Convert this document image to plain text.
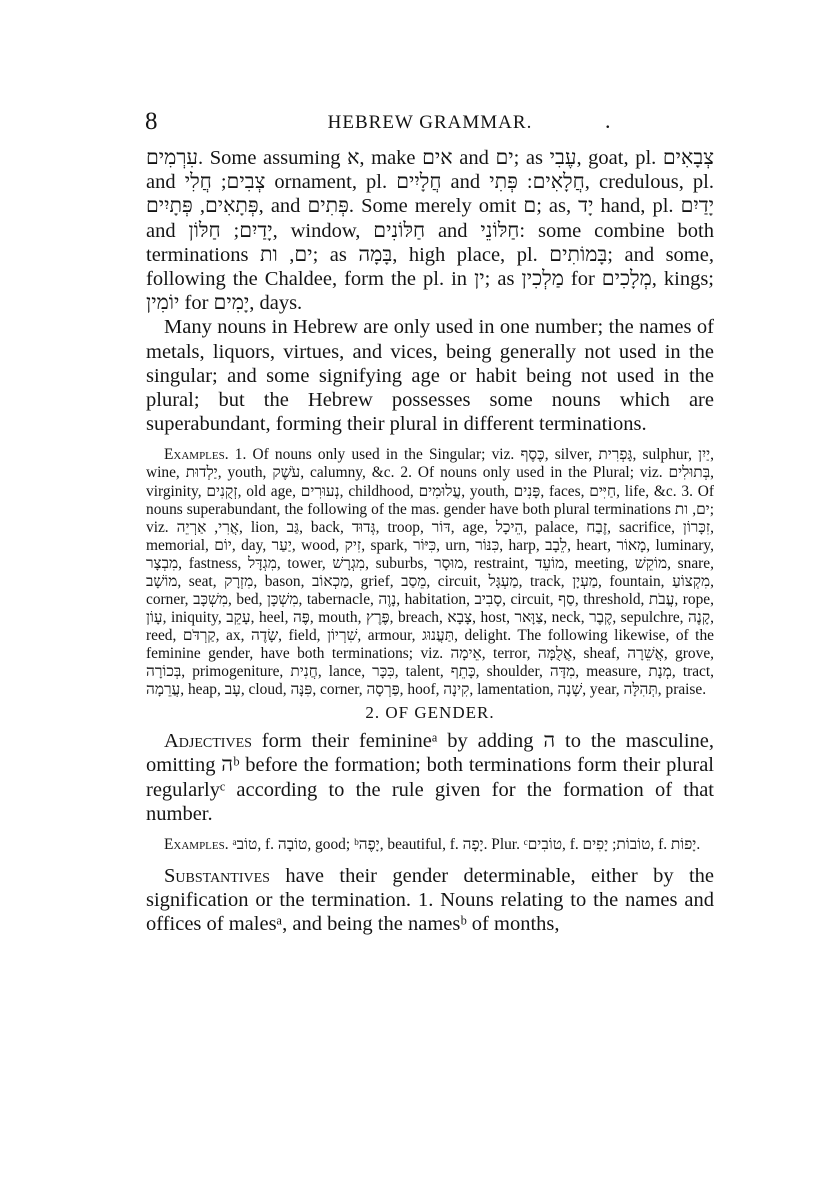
8	HEBREW GRAMMAR.	.

עִרְמִים. Some assuming א, make אים and ים; as עֶבִי, goat, pl. צְבָאִים and צְבִים; חֲלִי ornament, pl. חֲלָיִים and חֲלָאִים: פְּתִי, credulous, pl. פְּתָאִים, פְּתָיִים, and פְּתִים. Some merely omit ם; as, יָד hand, pl. יָדַיִם and יָדַיִם; חַלּוֹן, window, חַלּוֹנִים and חַלּוֹנֵי: some combine both terminations ים, ות; as בָּמָה, high place, pl. בָּמוֹתִים; and some, following the Chaldee, form the pl. in ין; as מַלְכִין for מְלָכִים, kings; יוֹמִין for יָמִים, days.

Many nouns in Hebrew are only used in one number; the names of metals, liquors, virtues, and vices, being generally not used in the singular; and some signifying age or habit being not used in the plural; but the Hebrew possesses some nouns which are superabundant, forming their plural in different terminations.

Examples. 1. Of nouns only used in the Singular; viz. כֶּסֶף, silver, גָּפְרִית, sulphur, יַיִן, wine, יַלְדוּת, youth, עֹשֶׁק, calumny, &c. 2. Of nouns only used in the Plural; viz. בְּתוּלִים, virginity, זְקֻנִים, old age, נְעוּרִים, childhood, עֲלוּמִים, youth, פָּנִים, faces, חַיִּים, life, &c. 3. Of nouns superabundant, the following of the mas. gender have both plural terminations ים, ות; viz. אֲרִי, אַרְיֵה, lion, גַּב, back, גְּדוּד, troop, דּוֹר, age, הֵיכָל, palace, זֶבַח, sacrifice, זִכָּרוֹן, memorial, יוֹם, day, יַעַר, wood, זִיק, spark, כִּיּוֹר, urn, כִּנּוֹר, harp, לֵבָב, heart, מָאוֹר, luminary, מִבְצָר, fastness, מִגְדָּל, tower, מִגְרָשׁ, suburbs, מוּסָר, restraint, מוֹעֵד, meeting, מוֹקֵשׁ, snare, מוֹשָׁב, seat, מִזְרָק, bason, מַכְאוֹב, grief, מֵסַב, circuit, מַעְגָּל, track, מַעְיָן, fountain, מִקְצוֹעַ, corner, מִשְׁכָּב, bed, מִשְׁכָּן, tabernacle, נָוֶה, habitation, סָבִיב, circuit, סַף, threshold, עֲבֹת, rope, עָוֹן, iniquity, עָקֵב, heel, פֶּה, mouth, פֶּרֶץ, breach, צָבָא, host, צַוָּאר, neck, קֶבֶר, sepulchre, קָנֶה, reed, קַרְדֹּם, ax, שָׂדֶה, field, שִׁרְיוֹן, armour, תַּעֲנוּג, delight. The following likewise, of the feminine gender, have both terminations; viz. אֵימָה, terror, אֲלֻמָּה, sheaf, אֲשֵׁרָה, grove, בְּכוֹרָה, primogeniture, חֲנִית, lance, כִּכָּר, talent, כָּתֵף, shoulder, מִדָּה, measure, מְנָת, tract, עֲרֵמָה, heap, עָב, cloud, פִּנָּה, corner, פַּרְסָה, hoof, קִינָה, lamentation, שָׁנָה, year, תְּהִלָּה, praise.

2. OF GENDER.

Adjectives form their feminineᵃ by adding ה to the masculine, omitting הᵇ before the formation; both terminations form their plural regularlyᶜ according to the rule given for the formation of that number.

Examples. ᵃטוֹב, f. טוֹבָה, good; ᵇיָפֶה, beautiful, f. יָפָה. Plur. ᶜטוֹבִים, f. טוֹבוֹת; יָפִים, f. יָפוֹת.

Substantives have their gender determinable, either by the signification or the termination. 1. Nouns relating to the names and offices of malesᵃ, and being the namesᵇ of months,
